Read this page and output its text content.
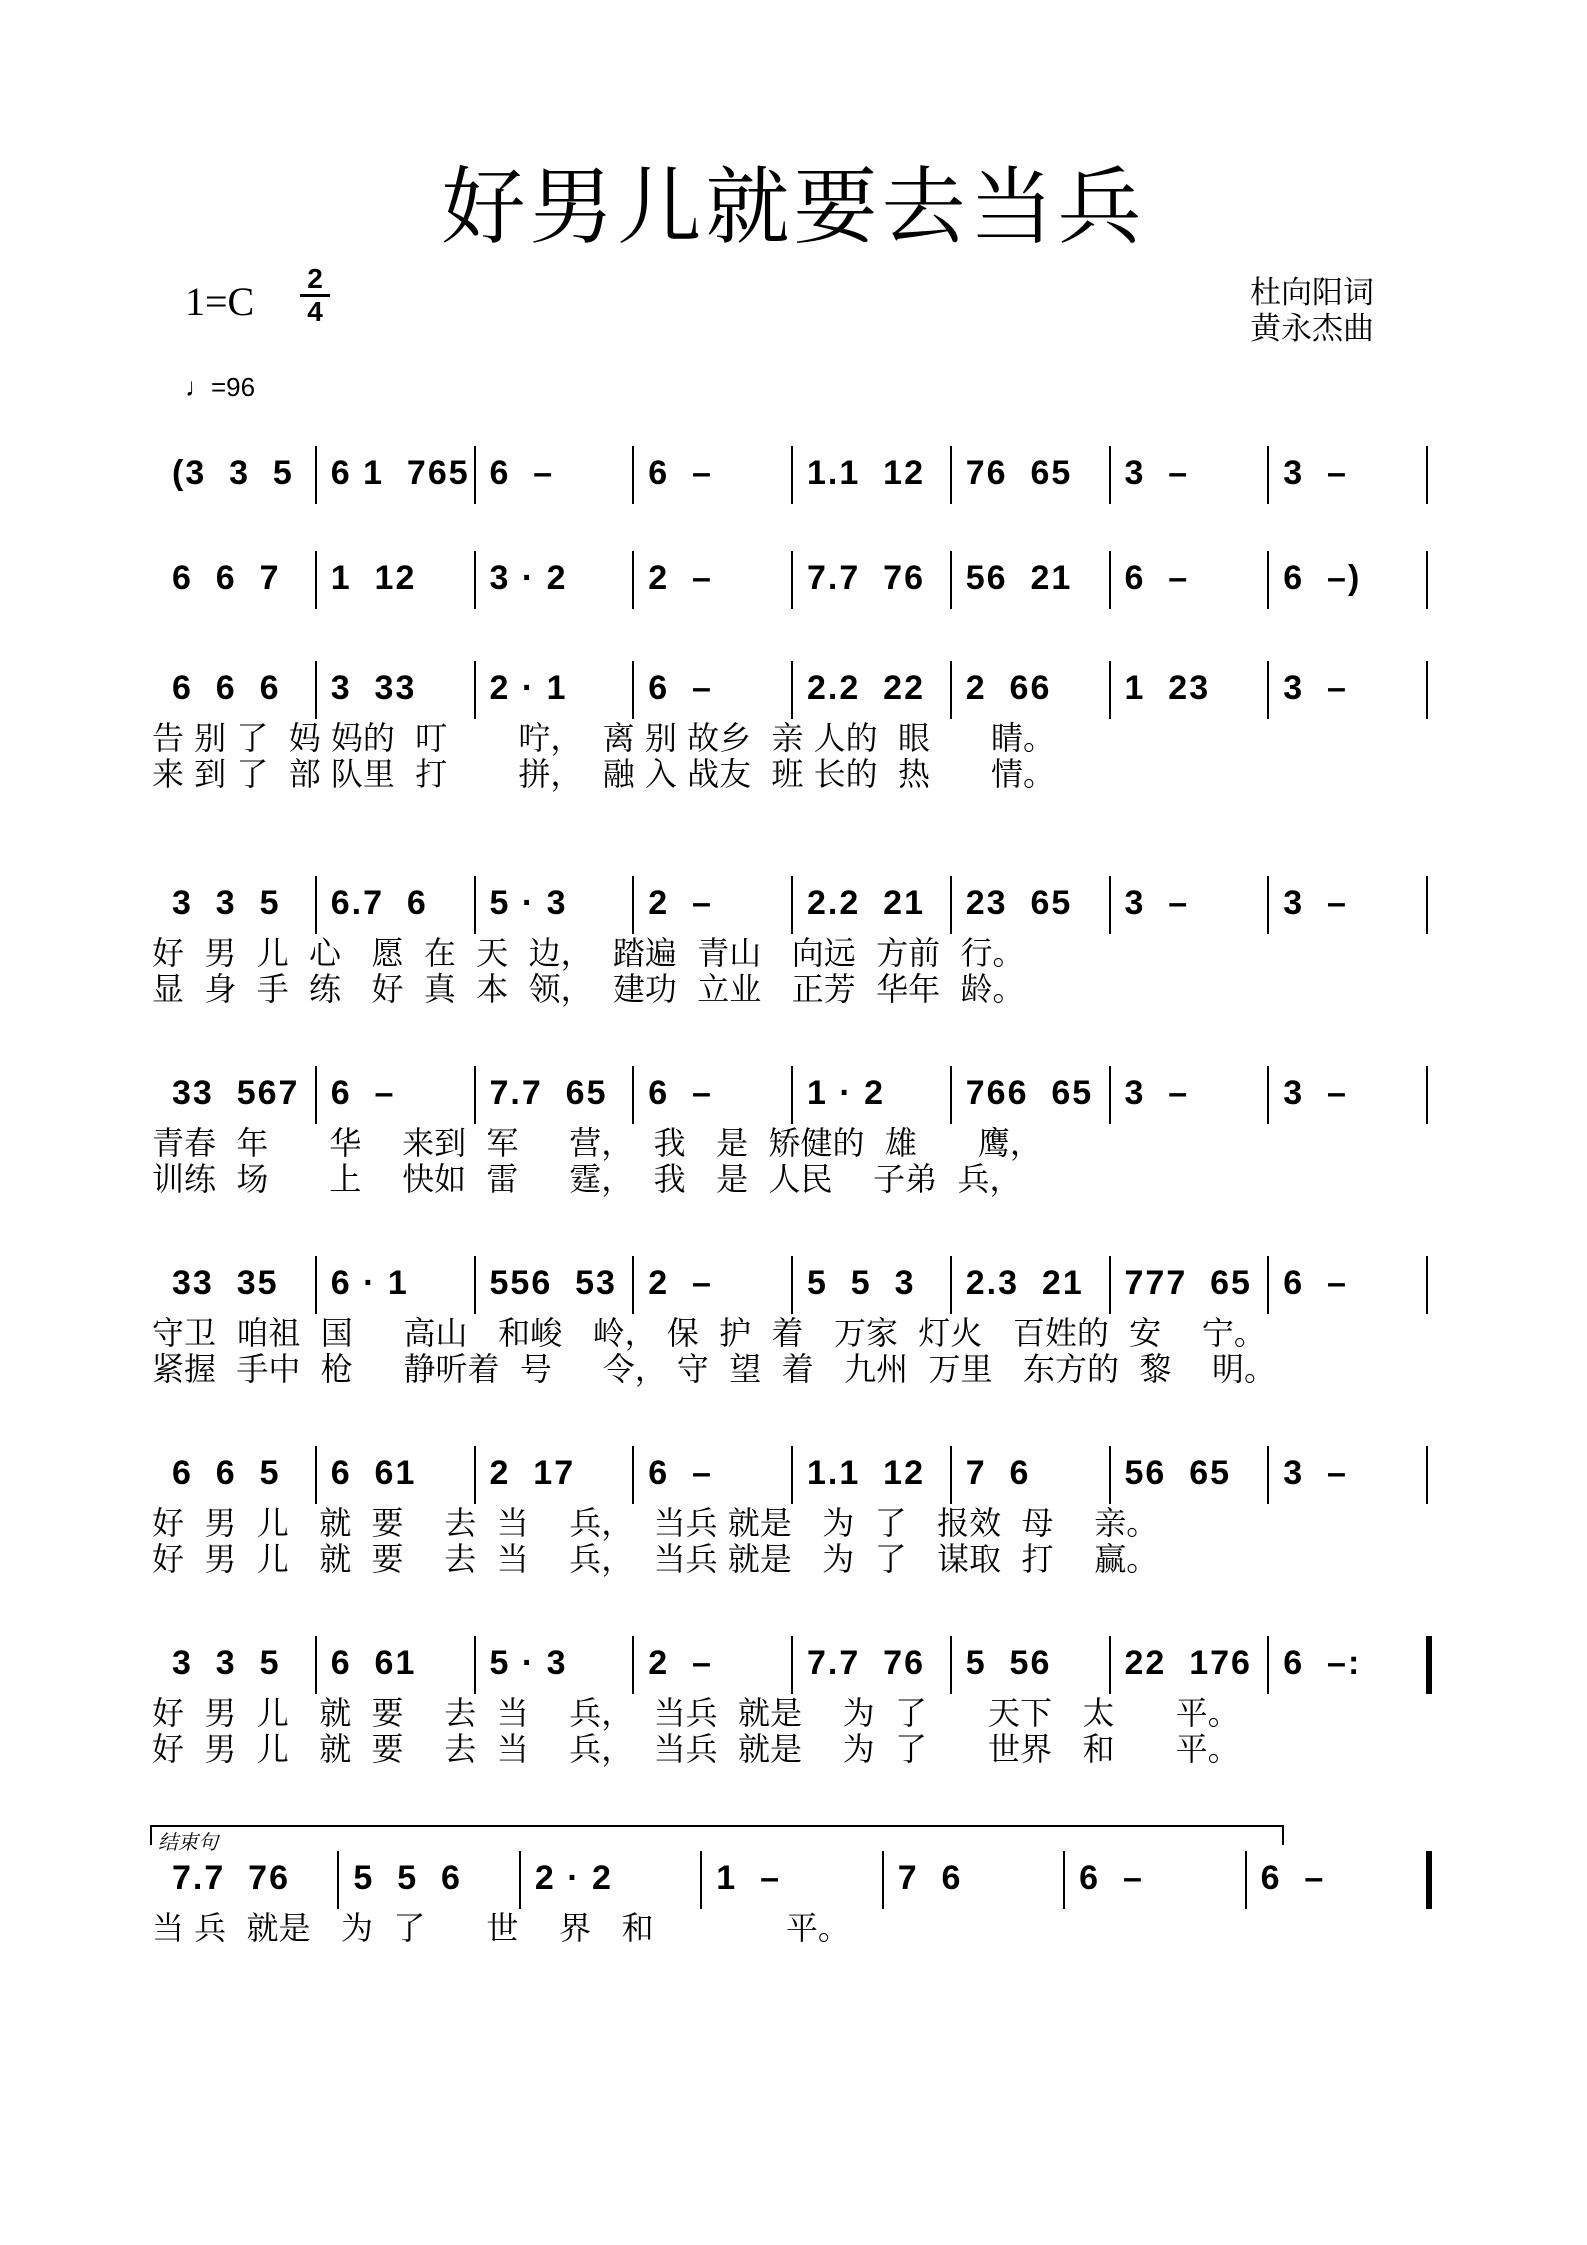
好男儿就要去当兵
1=C
2
4
杜向阳词
黄永杰曲
♩=96
(3  3  5 6 1  765 6  –	6  –	1.1  12 76  65 3  –	3  –
6  6  7 1  12 3 · 2 2  –	7.7  76 56  21 6  –	6  –)
6  6  6 3  33 2 · 1 6  –	2.2  22 2  66 1  23 3  –
告 别 了  妈 妈的  叮       咛，  离 别 故乡  亲 人的  眼      睛。
来 到 了  部 队里  打       拼，  融 入 战友  班 长的  热      情。
3  3  5 6.7  6 5 · 3 2  –	2.2  21 23  65 3  –	3  –
好  男  儿  心   愿  在  天  边，  踏遍  青山   向远  方前  行。
显  身  手  练   好  真  本  领，  建功  立业   正芳  华年  龄。
33  567 6  –	7.7  65 6  –	1 · 2 766  65 3  –	3  –
青春  年      华    来到  军     营，  我   是  矫健的  雄      鹰，
训练  场      上    快如  雷     霆，  我   是  人民    子弟  兵，
33  35 6 · 1 556  53 2  –	5  5  3 2.3  21 777  65 6  –
守卫  咱祖  国     高山   和峻   岭， 保  护  着   万家  灯火   百姓的  安    宁。
紧握  手中  枪     静听着  号     令， 守  望  着   九州  万里   东方的  黎    明。
6  6  5 6  61 2  17 6  –	1.1  12 7  6	56  65 3  –
好  男  儿   就  要    去  当    兵，  当兵 就是   为  了   报效  母    亲。
好  男  儿   就  要    去  当    兵，  当兵 就是   为  了   谋取  打    赢。
3  3  5 6  61 5 · 3 2  –	7.7  76 5  56 22  176 6  –:
好  男  儿   就  要    去  当    兵，  当兵  就是    为  了      天下   太      平。
好  男  儿   就  要    去  当    兵，  当兵  就是    为  了      世界   和      平。
7.7  76 5  5  6 2 · 2	1  –	7  6	6  –	6  –
当 兵  就是   为  了      世    界   和             平。
结束句
